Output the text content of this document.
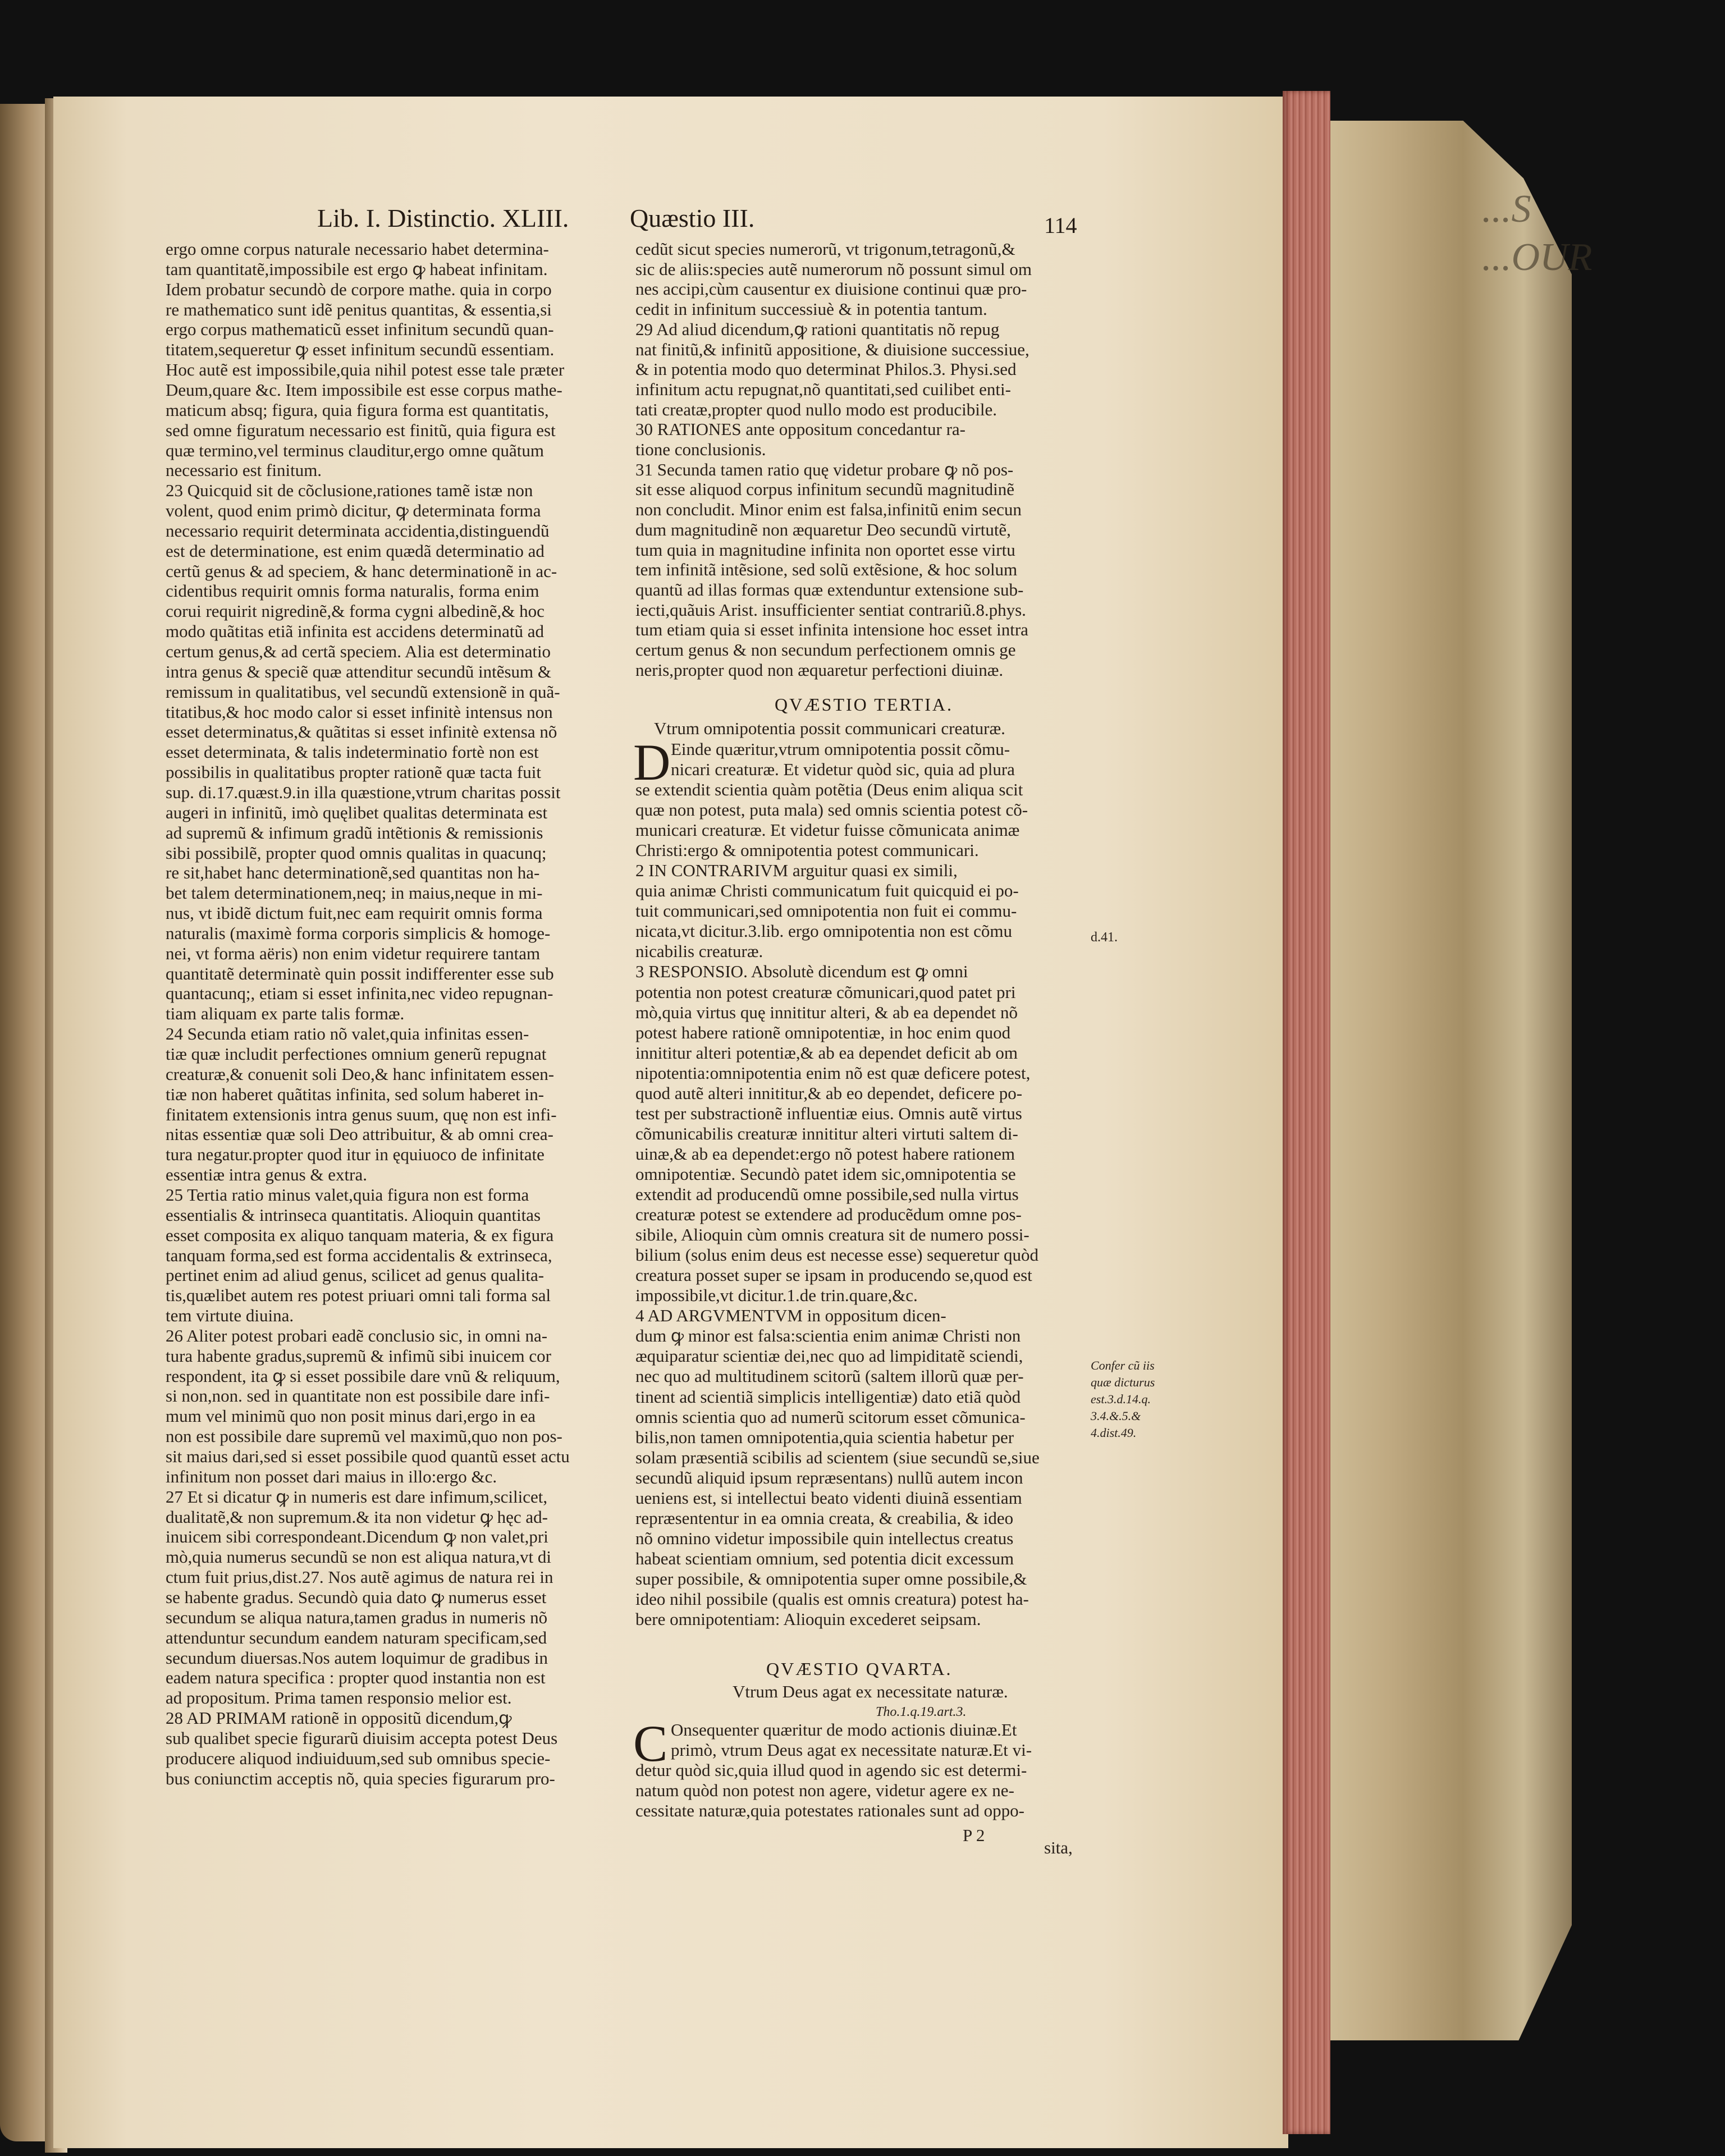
...S ...OUR
Lib. I. Distinctio. XLIII. Quæstio III.	114
ergo omne corpus naturale necessario habet determina-
tam quantitatẽ,impossibile est ergo ꝙ habeat infinitam.
Idem probatur secundò de corpore mathe. quia in corpo
re mathematico sunt idẽ penitus quantitas, & essentia,si
ergo corpus mathematicũ esset infinitum secundũ quan-
titatem,sequeretur ꝙ esset infinitum secundũ essentiam.
Hoc autẽ est impossibile,quia nihil potest esse tale præter
Deum,quare &c. Item impossibile est esse corpus mathe-
maticum absq; figura, quia figura forma est quantitatis,
sed omne figuratum necessario est finitũ, quia figura est
quæ termino,vel terminus clauditur,ergo omne quãtum
necessario est finitum.
23 Quicquid sit de cõclusione,rationes tamẽ istæ non
volent, quod enim primò dicitur, ꝙ determinata forma
necessario requirit determinata accidentia,distinguendũ
est de determinatione, est enim quædã determinatio ad
certũ genus & ad speciem, & hanc determinationẽ in ac-
cidentibus requirit omnis forma naturalis, forma enim
corui requirit nigredinẽ,& forma cygni albedinẽ,& hoc
modo quãtitas etiã infinita est accidens determinatũ ad
certum genus,& ad certã speciem. Alia est determinatio
intra genus & speciẽ quæ attenditur secundũ intẽsum &
remissum in qualitatibus, vel secundũ extensionẽ in quã-
titatibus,& hoc modo calor si esset infinitè intensus non
esset determinatus,& quãtitas si esset infinitè extensa nõ
esset determinata, & talis indeterminatio fortè non est
possibilis in qualitatibus propter rationẽ quæ tacta fuit
sup. di.17.quæst.9.in illa quæstione,vtrum charitas possit
augeri in infinitũ, imò quęlibet qualitas determinata est
ad supremũ & infimum gradũ intẽtionis & remissionis
sibi possibilẽ, propter quod omnis qualitas in quacunq;
re sit,habet hanc determinationẽ,sed quantitas non ha-
bet talem determinationem,neq; in maius,neque in mi-
nus, vt ibidẽ dictum fuit,nec eam requirit omnis forma
naturalis (maximè forma corporis simplicis & homoge-
nei, vt forma aëris) non enim videtur requirere tantam
quantitatẽ determinatè quin possit indifferenter esse sub
quantacunq;, etiam si esset infinita,nec video repugnan-
tiam aliquam ex parte talis formæ.
24 Secunda etiam ratio nõ valet,quia infinitas essen-
tiæ quæ includit perfectiones omnium generũ repugnat
creaturæ,& conuenit soli Deo,& hanc infinitatem essen-
tiæ non haberet quãtitas infinita, sed solum haberet in-
finitatem extensionis intra genus suum, quę non est infi-
nitas essentiæ quæ soli Deo attribuitur, & ab omni crea-
tura negatur.propter quod itur in ęquiuoco de infinitate
essentiæ intra genus & extra.
25 Tertia ratio minus valet,quia figura non est forma
essentialis & intrinseca quantitatis. Alioquin quantitas
esset composita ex aliquo tanquam materia, & ex figura
tanquam forma,sed est forma accidentalis & extrinseca,
pertinet enim ad aliud genus, scilicet ad genus qualita-
tis,quælibet autem res potest priuari omni tali forma sal
tem virtute diuina.
26 Aliter potest probari eadẽ conclusio sic, in omni na-
tura habente gradus,supremũ & infimũ sibi inuicem cor
respondent, ita ꝙ si esset possibile dare vnũ & reliquum,
si non,non. sed in quantitate non est possibile dare infi-
mum vel minimũ quo non posit minus dari,ergo in ea
non est possibile dare supremũ vel maximũ,quo non pos-
sit maius dari,sed si esset possibile quod quantũ esset actu
infinitum non posset dari maius in illo:ergo &c.
27 Et si dicatur ꝙ in numeris est dare infimum,scilicet,
dualitatẽ,& non supremum.& ita non videtur ꝙ hęc ad-
inuicem sibi correspondeant.Dicendum ꝙ non valet,pri
mò,quia numerus secundũ se non est aliqua natura,vt di
ctum fuit prius,dist.27. Nos autẽ agimus de natura rei in
se habente gradus. Secundò quia dato ꝙ numerus esset
secundum se aliqua natura,tamen gradus in numeris nõ
attenduntur secundum eandem naturam specificam,sed
secundum diuersas.Nos autem loquimur de gradibus in
eadem natura specifica : propter quod instantia non est
ad propositum. Prima tamen responsio melior est.
28 AD PRIMAM rationẽ in oppositũ dicendum,ꝙ
sub qualibet specie figurarũ diuisim accepta potest Deus
producere aliquod indiuiduum,sed sub omnibus specie-
bus coniunctim acceptis nõ, quia species figurarum pro-
cedũt sicut species numerorũ, vt trigonum,tetragonũ,&
sic de aliis:species autẽ numerorum nõ possunt simul om
nes accipi,cùm causentur ex diuisione continui quæ pro-
cedit in infinitum successiuè & in potentia tantum.
29 Ad aliud dicendum,ꝙ rationi quantitatis nõ repug
nat finitũ,& infinitũ appositione, & diuisione successiue,
& in potentia modo quo determinat Philos.3. Physi.sed
infinitum actu repugnat,nõ quantitati,sed cuilibet enti-
tati creatæ,propter quod nullo modo est producibile.
30 RATIONES ante oppositum concedantur ra-
tione conclusionis.
31 Secunda tamen ratio quę videtur probare ꝙ nõ pos-
sit esse aliquod corpus infinitum secundũ magnitudinẽ
non concludit. Minor enim est falsa,infinitũ enim secun
dum magnitudinẽ non æquaretur Deo secundũ virtutẽ,
tum quia in magnitudine infinita non oportet esse virtu
tem infinitã intẽsione, sed solũ extẽsione, & hoc solum
quantũ ad illas formas quæ extenduntur extensione sub-
iecti,quãuis Arist. insufficienter sentiat contrariũ.8.phys.
tum etiam quia si esset infinita intensione hoc esset intra
certum genus & non secundum perfectionem omnis ge
neris,propter quod non æquaretur perfectioni diuinæ.
QVÆSTIO TERTIA.
Vtrum omnipotentia possit communicari creaturæ.
D Einde quæritur,vtrum omnipotentia possit cõmu-
nicari creaturæ. Et videtur quòd sic, quia ad plura
se extendit scientia quàm potẽtia (Deus enim aliqua scit
quæ non potest, puta mala) sed omnis scientia potest cõ-
municari creaturæ. Et videtur fuisse cõmunicata animæ
Christi:ergo & omnipotentia potest communicari.
2 IN CONTRARIVM arguitur quasi ex simili,
quia animæ Christi communicatum fuit quicquid ei po-
tuit communicari,sed omnipotentia non fuit ei commu-
nicata,vt dicitur.3.lib. ergo omnipotentia non est cõmu
nicabilis creaturæ.
3 RESPONSIO. Absolutè dicendum est ꝙ omni
potentia non potest creaturæ cõmunicari,quod patet pri
mò,quia virtus quę innititur alteri, & ab ea dependet nõ
potest habere rationẽ omnipotentiæ, in hoc enim quod
innititur alteri potentiæ,& ab ea dependet deficit ab om
nipotentia:omnipotentia enim nõ est quæ deficere potest,
quod autẽ alteri innititur,& ab eo dependet, deficere po-
test per substractionẽ influentiæ eius. Omnis autẽ virtus
cõmunicabilis creaturæ innititur alteri virtuti saltem di-
uinæ,& ab ea dependet:ergo nõ potest habere rationem
omnipotentiæ. Secundò patet idem sic,omnipotentia se
extendit ad producendũ omne possibile,sed nulla virtus
creaturæ potest se extendere ad producẽdum omne pos-
sibile, Alioquin cùm omnis creatura sit de numero possi-
bilium (solus enim deus est necesse esse) sequeretur quòd
creatura posset super se ipsam in producendo se,quod est
impossibile,vt dicitur.1.de trin.quare,&c.
4 AD ARGVMENTVM in oppositum dicen-
dum ꝙ minor est falsa:scientia enim animæ Christi non
æquiparatur scientiæ dei,nec quo ad limpiditatẽ sciendi,
nec quo ad multitudinem scitorũ (saltem illorũ quæ per-
tinent ad scientiã simplicis intelligentiæ) dato etiã quòd
omnis scientia quo ad numerũ scitorum esset cõmunica-
bilis,non tamen omnipotentia,quia scientia habetur per
solam præsentiã scibilis ad scientem (siue secundũ se,siue
secundũ aliquid ipsum repræsentans) nullũ autem incon
ueniens est, si intellectui beato videnti diuinã essentiam
repræsententur in ea omnia creata, & creabilia, & ideo
nõ omnino videtur impossibile quin intellectus creatus
habeat scientiam omnium, sed potentia dicit excessum
super possibile, & omnipotentia super omne possibile,&
ideo nihil possibile (qualis est omnis creatura) potest ha-
bere omnipotentiam: Alioquin excederet seipsam.
QVÆSTIO QVARTA.
Vtrum Deus agat ex necessitate naturæ.
Tho.1.q.19.art.3.
C Onsequenter quæritur de modo actionis diuinæ.Et
primò, vtrum Deus agat ex necessitate naturæ.Et vi-
detur quòd sic,quia illud quod in agendo sic est determi-
natum quòd non potest non agere, videtur agere ex ne-
cessitate naturæ,quia potestates rationales sunt ad oppo-
P 2
sita,
d.41.
Confer cũ iis
quæ dicturus
est.3.d.14.q.
3.4.&.5.&
4.dist.49.
